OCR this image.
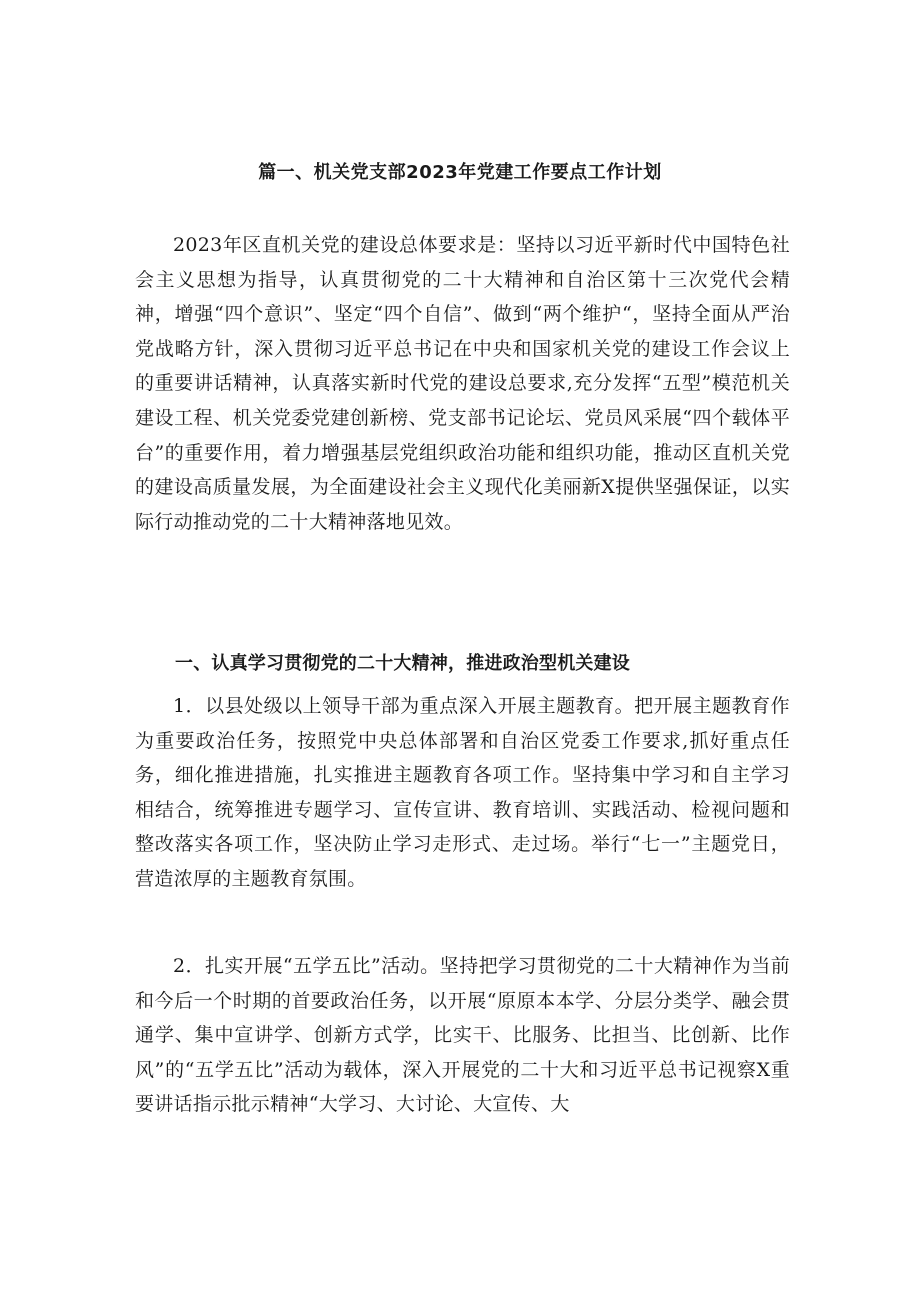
篇一、机关党支部2023年党建工作要点工作计划
2023年区直机关党的建设总体要求是：坚持以习近平新时代中国特色社会主义思想为指导，认真贯彻党的二十大精神和自治区第十三次党代会精神，增强“四个意识”、坚定“四个自信”、做到“两个维护“，坚持全面从严治党战略方针，深入贯彻习近平总书记在中央和国家机关党的建设工作会议上的重要讲话精神，认真落实新时代党的建设总要求,充分发挥“五型”模范机关建设工程、机关党委党建创新榜、党支部书记论坛、党员风采展“四个载体平台”的重要作用，着力增强基层党组织政治功能和组织功能，推动区直机关党的建设高质量发展，为全面建设社会主义现代化美丽新X提供坚强保证，以实际行动推动党的二十大精神落地见效。
一、认真学习贯彻党的二十大精神，推进政治型机关建设
1．以县处级以上领导干部为重点深入开展主题教育。把开展主题教育作为重要政治任务，按照党中央总体部署和自治区党委工作要求,抓好重点任务，细化推进措施，扎实推进主题教育各项工作。坚持集中学习和自主学习相结合，统筹推进专题学习、宣传宣讲、教育培训、实践活动、检视问题和整改落实各项工作，坚决防止学习走形式、走过场。举行“七一”主题党日，营造浓厚的主题教育氛围。
2．扎实开展“五学五比”活动。坚持把学习贯彻党的二十大精神作为当前和今后一个时期的首要政治任务，以开展“原原本本学、分层分类学、融会贯通学、集中宣讲学、创新方式学，比实干、比服务、比担当、比创新、比作风”的“五学五比”活动为载体，深入开展党的二十大和习近平总书记视察X重要讲话指示批示精神“大学习、大讨论、大宣传、大
